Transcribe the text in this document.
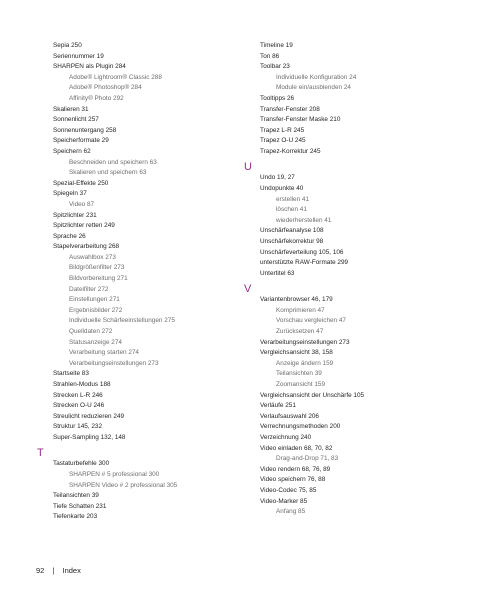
Sepia 250
Seriennummer 19
SHARPEN als Plugin 284
Adobe® Lightroom® Classic 288
Adobe® Photoshop® 284
Affinity® Photo 292
Skalieren 31
Sonnenlicht 257
Sonnenuntergang 258
Speicherformate 29
Speichern 62
Beschneiden und speichern 63
Skalieren und speichern 63
Spezial-Effekte 250
Spiegeln 37
Video 87
Spitzlichter 231
Spitzlichter retten 249
Sprache 26
Stapelverarbeitung 268
Auswahlbox 273
Bildgrößenfilter 273
Bildvorbereitung 271
Dateifilter 272
Einstellungen 271
Ergebnisbilder 272
Individuelle Schärfeeinstellungen 275
Quelldaten 272
Statusanzeige 274
Verarbeitung starten 274
Verarbeitungseinstellungen 273
Startseite 83
Strahlen-Modus 188
Strecken L-R 246
Strecken O-U 246
Streulicht reduzieren 249
Struktur 145, 232
Super-Sampling 132, 148
T
Tastaturbefehle 300
SHARPEN # 5 professional 300
SHARPEN Video # 2 professional 305
Teilansichten 39
Tiefe Schatten 231
Tiefenkarte 203
Timeline 19
Ton 86
Toolbar 23
Individuelle Konfiguration 24
Module ein/ausblenden 24
Tooltipps 26
Transfer-Fenster 208
Transfer-Fenster Maske 210
Trapez L-R 245
Trapez O-U 245
Trapez-Korrektur 245
U
Undo 19, 27
Undopunkte 40
erstellen 41
löschen 41
wiederherstellen 41
Unschärfeanalyse 108
Unschärfekorrektur 98
Unschärfeverteilung 105, 106
unterstützte RAW-Formate 299
Untertitel 63
V
Variantenbrowser 46, 179
Komprimieren 47
Vorschau vergleichen 47
Zurücksetzen 47
Verarbeitungseinstellungen 273
Vergleichsansicht 38, 158
Anzeige ändern 159
Teilansichten 39
Zoomansicht 159
Vergleichsansicht der Unschärfe 105
Verläufe 251
Verlaufsauswahl 206
Verrechnungsmethoden 200
Verzeichnung 240
Video einladen 68, 70, 82
Drag-and-Drop 71, 83
Video rendern 68, 76, 89
Video speichern 76, 88
Video-Codec 75, 85
Video-Marker 85
Anfang 85
92 | Index
